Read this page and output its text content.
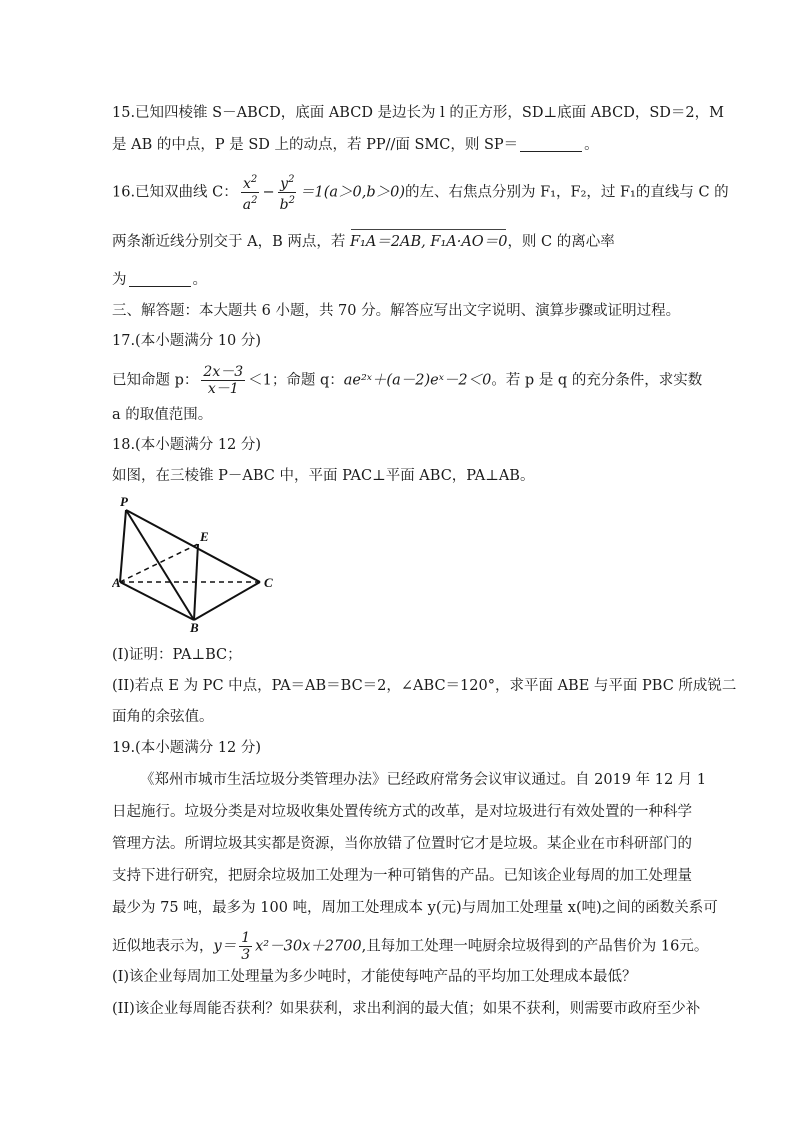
15.已知四棱锥 S－ABCD，底面 ABCD 是边长为 l 的正方形，SD⊥底面 ABCD，SD＝2，M
是 AB 的中点，P 是 SD 上的动点，若 PP//面 SMC，则 SP＝	。
16.已知双曲线 C： $\frac{x^2}{a^2} - \frac{y^2}{b^2} =1(a>0,b>0)$的左、右焦点分别为 F₁，F₂，过 F₁的直线与 C 的
两条渐近线分别交于 A，B 两点，若 F₁A＝2AB, F₁A·AO＝0，则 C 的离心率
为	。
三、解答题：本大题共 6 小题，共 70 分。解答应写出文字说明、演算步骤或证明过程。
17.(本小题满分 10 分)
已知命题 p： $\frac{2x-3}{x-1} <1$；命题 q：ae²ˣ＋(a－2)eˣ－2＜0。若 p 是 q 的充分条件，求实数
a 的取值范围。
18.(本小题满分 12 分)
如图，在三棱锥 P－ABC 中，平面 PAC⊥平面 ABC，PA⊥AB。
P
E
A	C
B
(I)证明：PA⊥BC；
(II)若点 E 为 PC 中点，PA＝AB＝BC＝2，∠ABC＝120°，求平面 ABE 与平面 PBC 所成锐二
面角的余弦值。
19.(本小题满分 12 分)
《郑州市城市生活垃圾分类管理办法》已经政府常务会议审议通过。自 2019 年 12 月 1
日起施行。垃圾分类是对垃圾收集处置传统方式的改革，是对垃圾进行有效处置的一种科学
管理方法。所谓垃圾其实都是资源，当你放错了位置时它才是垃圾。某企业在市科研部门的
支持下进行研究，把厨余垃圾加工处理为一种可销售的产品。已知该企业每周的加工处理量
最少为 75 吨，最多为 100 吨，周加工处理成本 y(元)与周加工处理量 x(吨)之间的函数关系可
近似地表示为，$y= \frac{1}{3} x^2-30x+2700$,且每加工处理一吨厨余垃圾得到的产品售价为 16元。
(I)该企业每周加工处理量为多少吨时，才能使每吨产品的平均加工处理成本最低？
(II)该企业每周能否获利？如果获利，求出利润的最大值；如果不获利，则需要市政府至少补
